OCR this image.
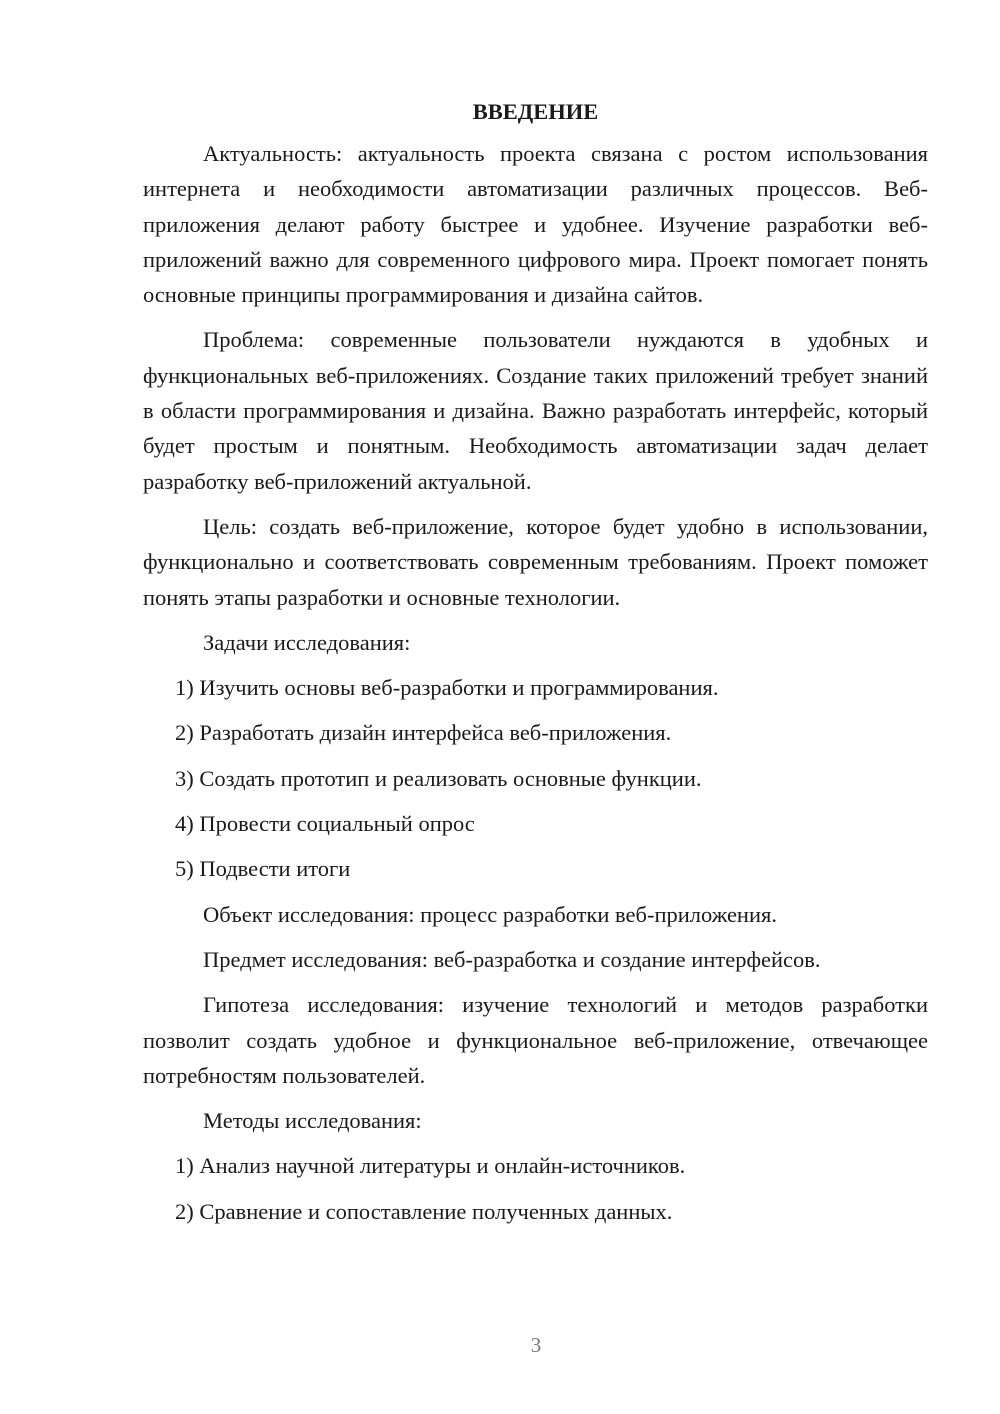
ВВЕДЕНИЕ

Актуальность: актуальность проекта связана с ростом использования интернета и необходимости автоматизации различных процессов. Веб-приложения делают работу быстрее и удобнее. Изучение разработки веб-приложений важно для современного цифрового мира. Проект помогает понять основные принципы программирования и дизайна сайтов.

Проблема: современные пользователи нуждаются в удобных и функциональных веб-приложениях. Создание таких приложений требует знаний в области программирования и дизайна. Важно разработать интерфейс, который будет простым и понятным. Необходимость автоматизации задач делает разработку веб-приложений актуальной.

Цель: создать веб-приложение, которое будет удобно в использовании, функционально и соответствовать современным требованиям. Проект поможет понять этапы разработки и основные технологии.

Задачи исследования:

1) Изучить основы веб-разработки и программирования.

2) Разработать дизайн интерфейса веб-приложения.

3) Создать прототип и реализовать основные функции.

4) Провести социальный опрос

5) Подвести итоги

Объект исследования: процесс разработки веб-приложения.

Предмет исследования: веб-разработка и создание интерфейсов.

Гипотеза исследования: изучение технологий и методов разработки позволит создать удобное и функциональное веб-приложение, отвечающее потребностям пользователей.

Методы исследования:

1) Анализ научной литературы и онлайн-источников.

2) Сравнение и сопоставление полученных данных.

3
